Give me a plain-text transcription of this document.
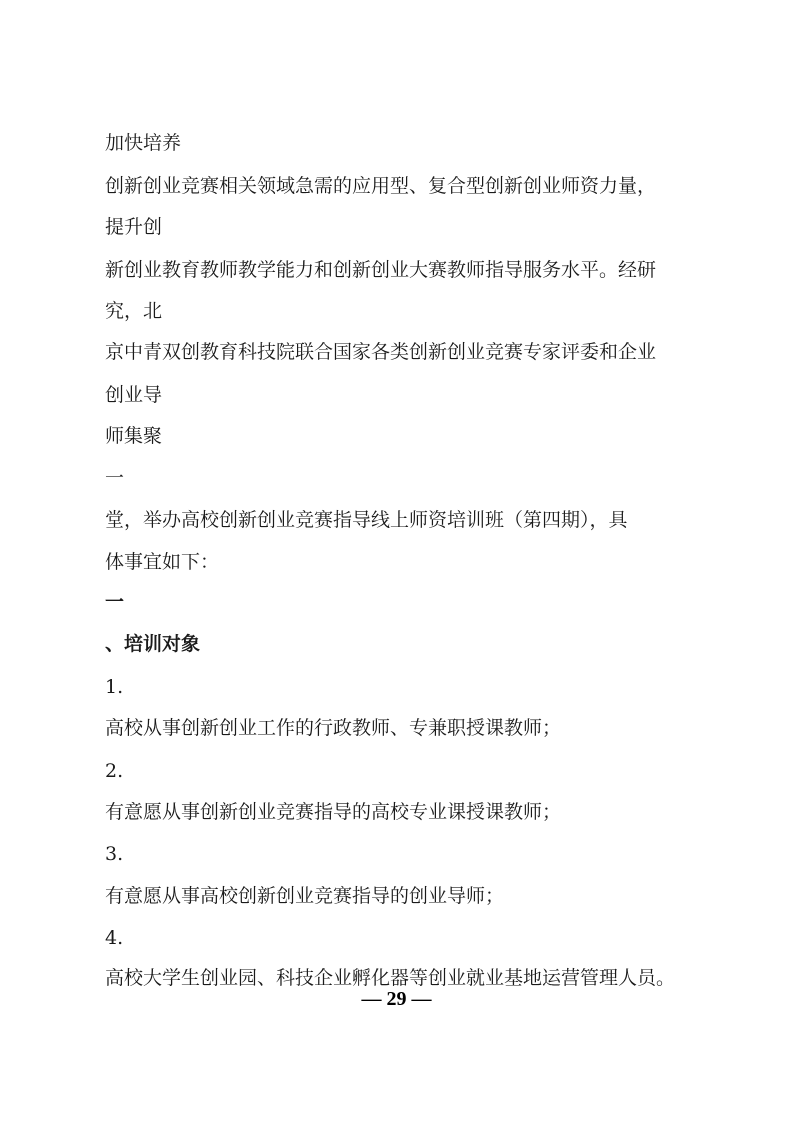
加快培养
创新创业竞赛相关领域急需的应用型、复合型创新创业师资力量，
提升创
新创业教育教师教学能力和创新创业大赛教师指导服务水平。经研
究，北
京中青双创教育科技院联合国家各类创新创业竞赛专家评委和企业
创业导
师集聚
一
堂，举办高校创新创业竞赛指导线上师资培训班（第四期），具
体事宜如下：
一
、培训对象
1.
高校从事创新创业工作的行政教师、专兼职授课教师；
2.
有意愿从事创新创业竞赛指导的高校专业课授课教师；
3.
有意愿从事高校创新创业竞赛指导的创业导师；
4.
高校大学生创业园、科技企业孵化器等创业就业基地运营管理人员。
— 29 —
